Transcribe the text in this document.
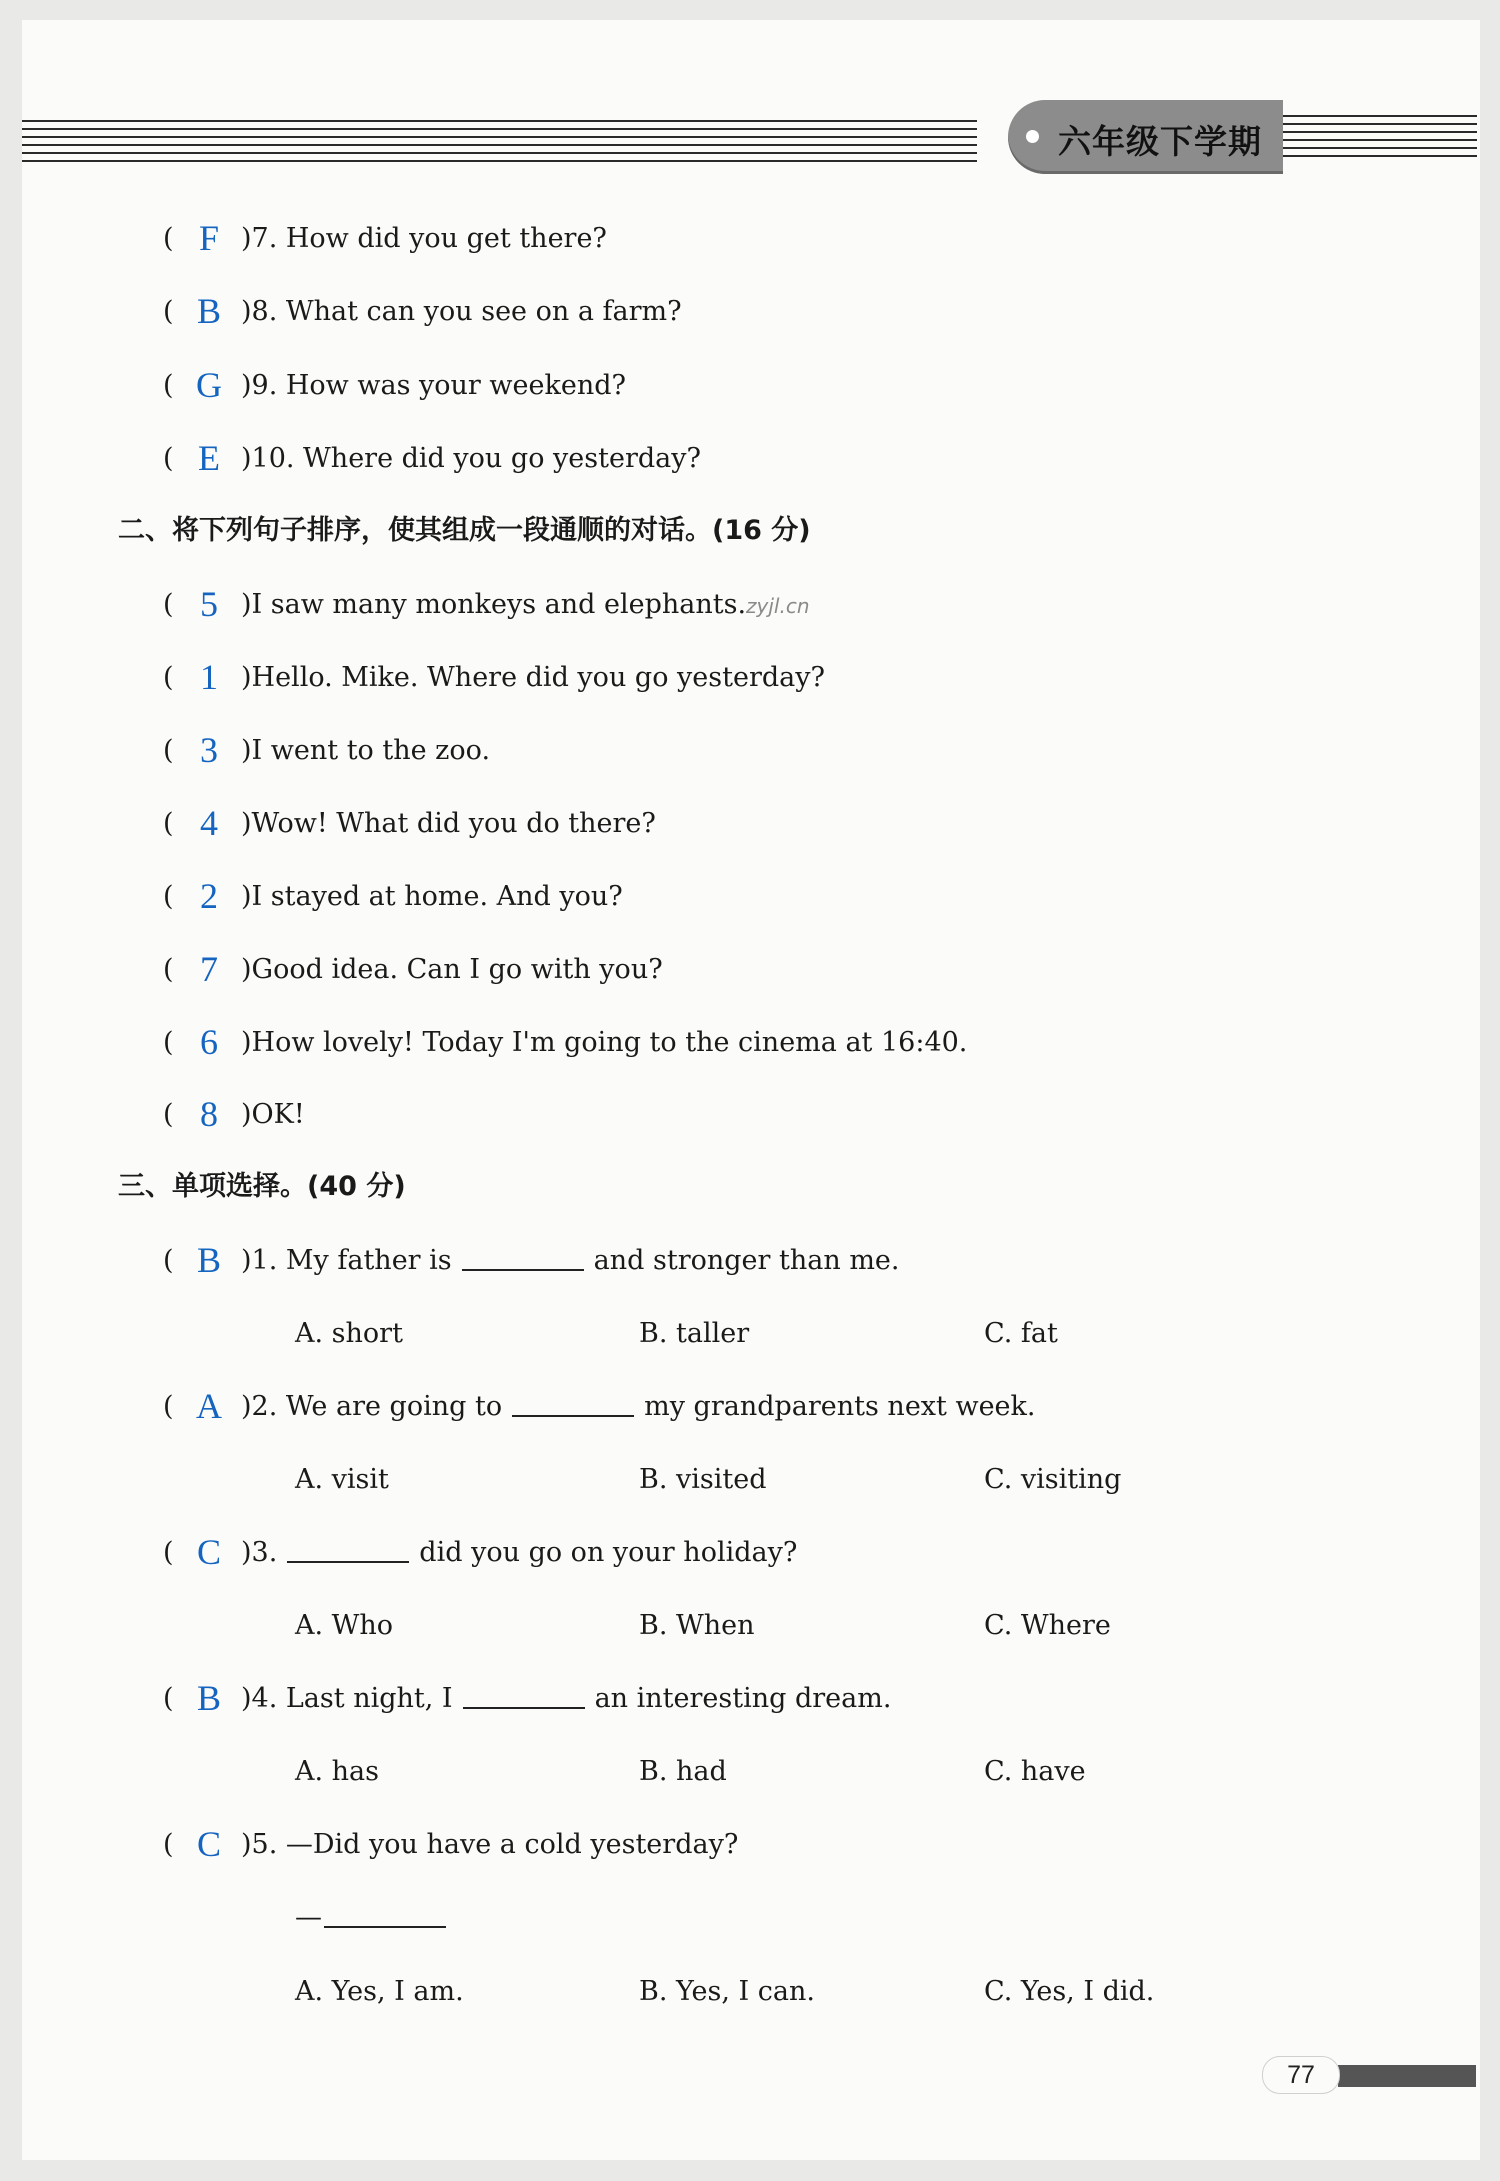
六年级下学期
( F )7. How did you get there?
( B )8. What can you see on a farm?
( G )9. How was your weekend?
( E )10. Where did you go yesterday?
二、将下列句子排序，使其组成一段通顺的对话。(16 分)
( 5 )I saw many monkeys and elephants.zyjl.cn
( 1 )Hello. Mike. Where did you go yesterday?
( 3 )I went to the zoo.
( 4 )Wow! What did you do there?
( 2 )I stayed at home. And you?
( 7 )Good idea. Can I go with you?
( 6 )How lovely! Today I'm going to the cinema at 16:40.
( 8 )OK!
三、单项选择。(40 分)
( B )1. My father is	and stronger than me.
A. short	B. taller	C. fat
( A )2. We are going to	my grandparents next week.
A. visit	B. visited	C. visiting
( C )3.	did you go on your holiday?
A. Who	B. When	C. Where
( B )4. Last night, I	an interesting dream.
A. has	B. had	C. have
( C )5. —Did you have a cold yesterday?
—
A. Yes, I am.	B. Yes, I can.	C. Yes, I did.
77
